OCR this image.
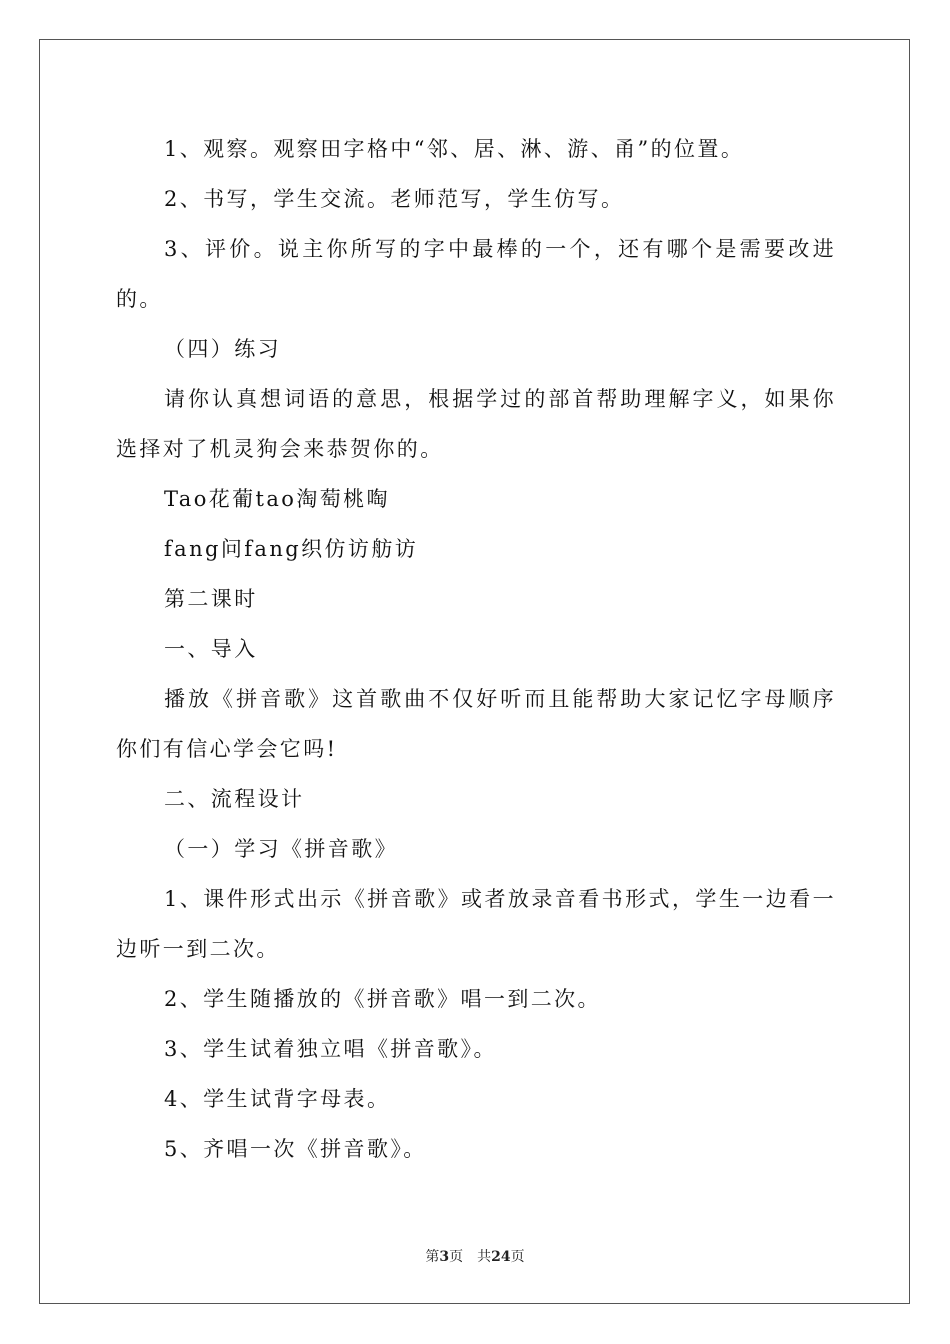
1、观察。观察田字格中“邻、居、淋、游、甬”的位置。

2、书写，学生交流。老师范写，学生仿写。

3、评价。说主你所写的字中最棒的一个，还有哪个是需要改进的。

（四）练习

请你认真想词语的意思，根据学过的部首帮助理解字义，如果你选择对了机灵狗会来恭贺你的。

Tao花葡tao淘萄桃啕

fang问fang织仿访舫访

第二课时

一、导入

播放《拼音歌》这首歌曲不仅好听而且能帮助大家记忆字母顺序你们有信心学会它吗!

二、流程设计

（一）学习《拼音歌》

1、课件形式出示《拼音歌》或者放录音看书形式，学生一边看一边听一到二次。

2、学生随播放的《拼音歌》唱一到二次。

3、学生试着独立唱《拼音歌》。

4、学生试背字母表。

5、齐唱一次《拼音歌》。

第3页　共24页
